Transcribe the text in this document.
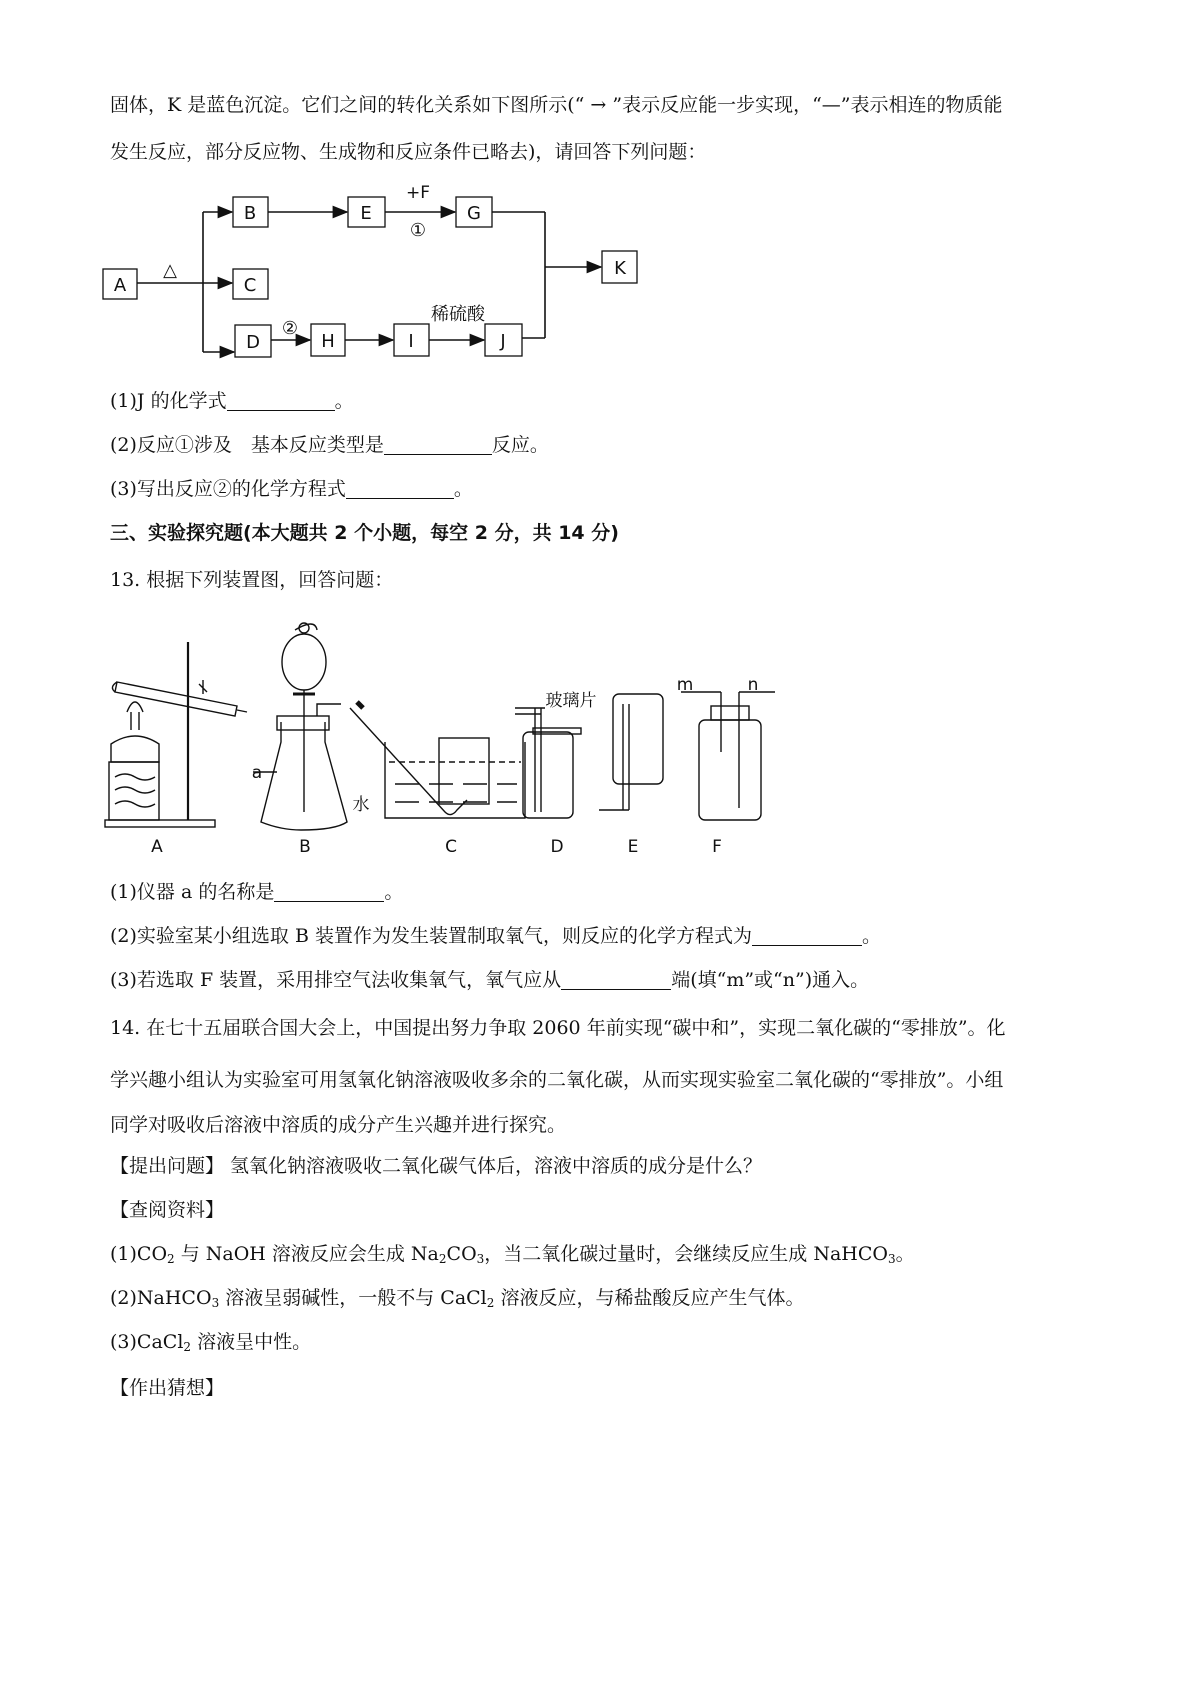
固体，K 是蓝色沉淀。它们之间的转化关系如下图所示(“ → ”表示反应能一步实现，“—”表示相连的物质能
发生反应，部分反应物、生成物和反应条件已略去)，请回答下列问题：
A
B
C
D
E	G
H	I	J
K
△
+F
①
②
稀硫酸
(1)J 的化学式	。
(2)反应①涉及　基本反应类型是	反应。
(3)写出反应②的化学方程式	。
三、实验探究题(本大题共 2 个小题，每空 2 分，共 14 分)
13. 根据下列装置图，回答问题：
A	B	C	D	E	F
a
水
玻璃片
m	n
(1)仪器 a 的名称是	。
(2)实验室某小组选取 B 装置作为发生装置制取氧气，则反应的化学方程式为	。
(3)若选取 F 装置，采用排空气法收集氧气，氧气应从	端(填“m”或“n”)通入。
14. 在七十五届联合国大会上，中国提出努力争取 2060 年前实现“碳中和”，实现二氧化碳的“零排放”。化
学兴趣小组认为实验室可用氢氧化钠溶液吸收多余的二氧化碳，从而实现实验室二氧化碳的“零排放”。小组
同学对吸收后溶液中溶质的成分产生兴趣并进行探究。
【提出问题】 氢氧化钠溶液吸收二氧化碳气体后，溶液中溶质的成分是什么？
【查阅资料】
$(1)CO_2$ 与 NaOH 溶液反应会生成 $Na_2CO_3$，当二氧化碳过量时，会继续反应生成 NaHCO$_3$。
(2)NaHCO$_3$ 溶液呈弱碱性，一般不与 CaCl$_2$ 溶液反应，与稀盐酸反应产生气体。
(3)CaCl$_2$ 溶液呈中性。
【作出猜想】
